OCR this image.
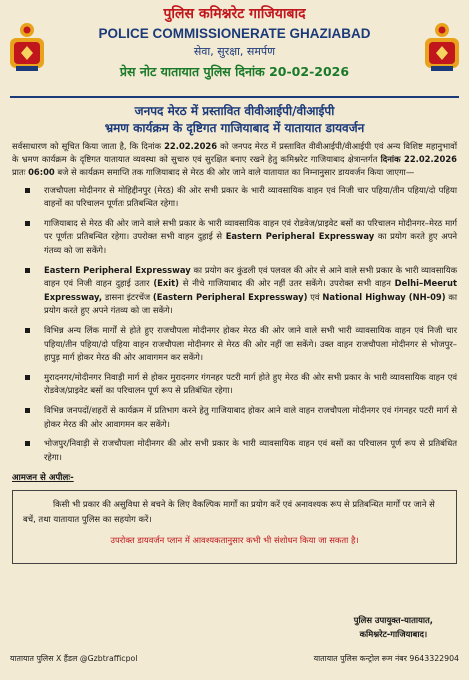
पुलिस कमिश्नरेट गाजियाबाद
POLICE COMMISSIONERATE GHAZIABAD
सेवा, सुरक्षा, समर्पण
प्रेस नोट यातायात पुलिस दिनांक 20-02-2026
जनपद मेरठ में प्रस्तावित वीवीआईपी/वीआईपी
भ्रमण कार्यक्रम के दृष्टिगत गाजियाबाद में यातायात डायवर्जन

सर्वसाधारण को सूचित किया जाता है, कि दिनांक 22.02.2026 को जनपद मेरठ में प्रस्तावित वीवीआईपी/वीआईपी एवं अन्य विशिष्ट महानुभावों के भ्रमण कार्यक्रम के दृष्टिगत यातायात व्यवस्था को सुचारु एवं सुरक्षित बनाए रखने हेतु कमिश्नरेट गाजियाबाद क्षेत्रान्तर्गत दिनांक 22.02.2026 प्रातः 06:00 बजे से कार्यक्रम समाप्ति तक गाजियाबाद से मेरठ की ओर जाने वाले यातायात का निम्नानुसार डायवर्जन किया जाएगा—

राजचौपला मोदीनगर से मोहिद्दीनपुर (मेरठ) की ओर सभी प्रकार के भारी व्यावसायिक वाहन एवं निजी चार पहिया/तीन पहिया/दो पहिया वाहनों का परिचालन पूर्णतः प्रतिबन्धित रहेगा।
गाजियाबाद से मेरठ की ओर जाने वाले सभी प्रकार के भारी व्यावसायिक वाहन एवं रोडवेज/प्राइवेट बसों का परिचालन मोदीनगर–मेरठ मार्ग पर पूर्णतः प्रतिबन्धित रहेगा। उपरोक्त सभी वाहन दुहाई से Eastern Peripheral Expressway का प्रयोग करते हुए अपने गंतव्य को जा सकेंगे।
Eastern Peripheral Expressway का प्रयोग कर कुंडली एवं पलवल की ओर से आने वाले सभी प्रकार के भारी व्यावसायिक वाहन एवं निजी वाहन दुहाई उतार (Exit) से नीचे गाजियाबाद की ओर नहीं उतर सकेंगे। उपरोक्त सभी वाहन Delhi–Meerut Expressway, डासना इंटरचेंज (Eastern Peripheral Expressway) एवं National Highway (NH-09) का प्रयोग करते हुए अपने गंतव्य को जा सकेंगे।
विभिन्न अन्य लिंक मार्गों से होते हुए राजचौपला मोदीनगर होकर मेरठ की ओर जाने वाले सभी भारी व्यावसायिक वाहन एवं निजी चार पहिया/तीन पहिया/दो पहिया वाहन राजचौपला मोदीनगर से मेरठ की ओर नहीं जा सकेंगे। उक्त वाहन राजचौपला मोदीनगर से भोजपुर–हापुड़ मार्ग होकर मेरठ की ओर आवागमन कर सकेंगे।
मुरादनगर/मोदीनगर निवाड़ी मार्ग से होकर मुरादनगर गंगनहर पटरी मार्ग होते हुए मेरठ की ओर सभी प्रकार के भारी व्यावसायिक वाहन एवं रोडवेज/प्राइवेट बसों का परिचालन पूर्ण रूप से प्रतिबंधित रहेगा।
विभिन्न जनपदों/शहरों से कार्यक्रम में प्रतिभाग करने हेतु गाजियाबाद होकर आने वाले वाहन राजचौपला मोदीनगर एवं गंगनहर पटरी मार्ग से होकर मेरठ की ओर आवागमन कर सकेंगे।
भोजपुर/निवाड़ी से राजचौपला मोदीनगर की ओर सभी प्रकार के भारी व्यावसायिक वाहन एवं बसों का परिचालन पूर्ण रूप से प्रतिबंधित रहेगा।
आमजन से अपीलः-

किसी भी प्रकार की असुविधा से बचने के लिए वैकल्पिक मार्गों का प्रयोग करें एवं अनावश्यक रूप से प्रतिबन्धित मार्गों पर जाने से बचें, तथा यातायात पुलिस का सहयोग करें।

उपरोक्त डायवर्जन प्लान में आवश्यकतानुसार कभी भी संशोधन किया जा सकता है।

पुलिस उपायुक्त-यातायात,
कमिश्नरेट-गाजियाबाद।
यातायात पुलिस X हैंडल @Gzbtrafficpol	यातायात पुलिस कन्ट्रोल रूम नंबर 9643322904
